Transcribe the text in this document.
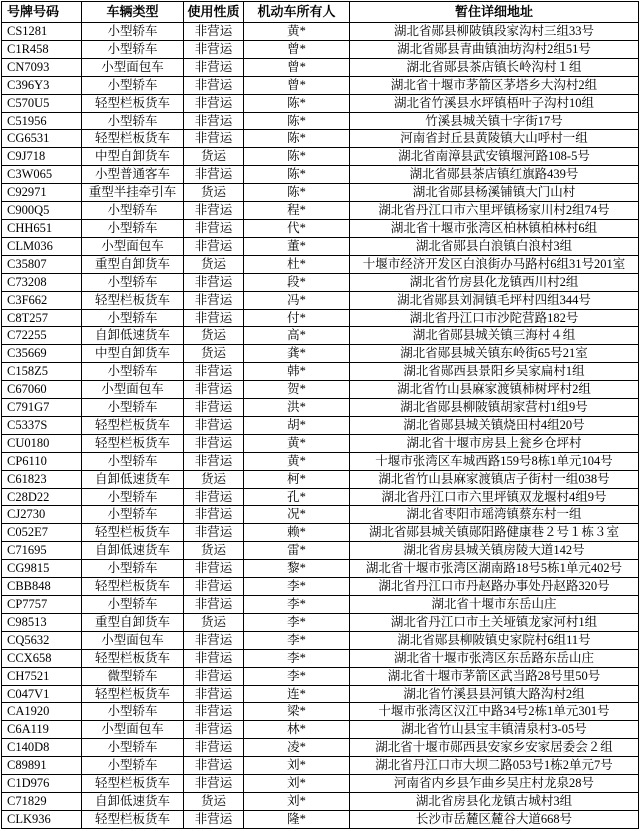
号牌号码	车辆类型	使用性质	机动车所有人	暂住详细地址
CS1281	小型轿车	非营运	黄*	湖北省郧县柳陂镇段家沟村三组33号
C1R458	小型轿车	非营运	曾*	湖北省郧县青曲镇油坊沟村2组51号
CN7093	小型面包车	非营运	曾*	湖北省郧县茶店镇长岭沟村１组
C396Y3	小型轿车	非营运	曾*	湖北省十堰市茅箭区茅塔乡大沟村2组
C570U5	轻型栏板货车	非营运	陈*	湖北省竹溪县水坪镇梧叶子沟村10组
C51956	小型轿车	非营运	陈*	竹溪县城关镇十字街17号
CG6531	轻型栏板货车	非营运	陈*	河南省封丘县黄陵镇大山呼村一组
C9J718	中型自卸货车	货运	陈*	湖北省南漳县武安镇堰河路108-5号
C3W065	小型普通客车	非营运	陈*	湖北省郧县茶店镇红旗路439号
C92971	重型半挂牵引车	货运	陈*	湖北省郧县杨溪铺镇大门山村
C900Q5	小型轿车	非营运	程*	湖北省丹江口市六里坪镇杨家川村2组74号
CHH651	小型轿车	非营运	代*	湖北省十堰市张湾区柏林镇柏林村6组
CLM036	小型面包车	非营运	董*	湖北省郧县白浪镇白浪村3组
C35807	重型自卸货车	货运	杜*	十堰市经济开发区白浪街办马路村6组31号201室
C73208	小型轿车	非营运	段*	湖北省竹房县化龙镇西川村2组
C3F662	轻型栏板货车	非营运	冯*	湖北省郧县刘洞镇毛坪村四组344号
C8T257	小型轿车	非营运	付*	湖北省丹江口市沙陀营路182号
C72255	自卸低速货车	货运	高*	湖北省郧县城关镇三海村４组
C35669	中型自卸货车	货运	龚*	湖北省郧县城关镇东岭街65号21室
C158Z5	小型轿车	非营运	韩*	湖北省郧西县景阳乡吴家扁村1组
C67060	小型面包车	非营运	贺*	湖北省竹山县麻家渡镇柿树坪村2组
C791G7	小型轿车	非营运	洪*	湖北省郧县柳陂镇胡家营村1组9号
C5337S	轻型栏板货车	非营运	胡*	湖北省郧县城关镇烧田村4组20号
CU0180	轻型栏板货车	非营运	黄*	湖北省十堰市房县上瓮乡仓坪村
CP6110	小型轿车	非营运	黄*	十堰市张湾区车城西路159号8栋1单元104号
C61823	自卸低速货车	货运	柯*	湖北省竹山县麻家渡镇店子街村一组038号
C28D22	小型轿车	非营运	孔*	湖北省丹江口市六里坪镇双龙堰村4组9号
CJ2730	小型轿车	非营运	况*	湖北省枣阳市瑶湾镇蔡东村一组
C052E7	轻型栏板货车	非营运	赖*	湖北省郧县城关镇郧阳路健康巷２号１栋３室
C71695	自卸低速货车	货运	雷*	湖北省房县城关镇房陵大道142号
CG9815	小型轿车	非营运	黎*	湖北省十堰市张湾区湖南路18号5栋1单元402号
CBB848	轻型栏板货车	非营运	李*	湖北省丹江口市丹赵路办事处丹赵路320号
CP7757	小型轿车	非营运	李*	湖北省十堰市东岳山庄
C98513	重型自卸货车	货运	李*	湖北省丹江口市土关垭镇龙家河村1组
CQ5632	小型面包车	非营运	李*	湖北省郧县柳陂镇史家院村6组11号
CCX658	轻型栏板货车	非营运	李*	湖北省十堰市张湾区东岳路东岳山庄
CH7521	微型轿车	非营运	李*	湖北省十堰市茅箭区武当路28号里50号
C047V1	轻型栏板货车	非营运	连*	湖北省竹溪县县河镇大路沟村2组
CA1920	小型轿车	非营运	梁*	十堰市张湾区汉江中路34号2栋1单元301号
C6A119	小型面包车	非营运	林*	湖北省竹山县宝丰镇清泉村3-05号
C140D8	小型轿车	非营运	凌*	湖北省十堰市郧西县安家乡安家居委会２组
C89891	小型轿车	非营运	刘*	湖北省丹江口市大坝二路053号1栋2单元7号
C1D976	轻型栏板货车	非营运	刘*	河南省内乡县乍曲乡吴庄村龙泉28号
C71829	自卸低速货车	货运	刘*	湖北省房县化龙镇古城村3组
CLK936	轻型栏板货车	非营运	隆*	长沙市岳麓区麓谷大道668号
